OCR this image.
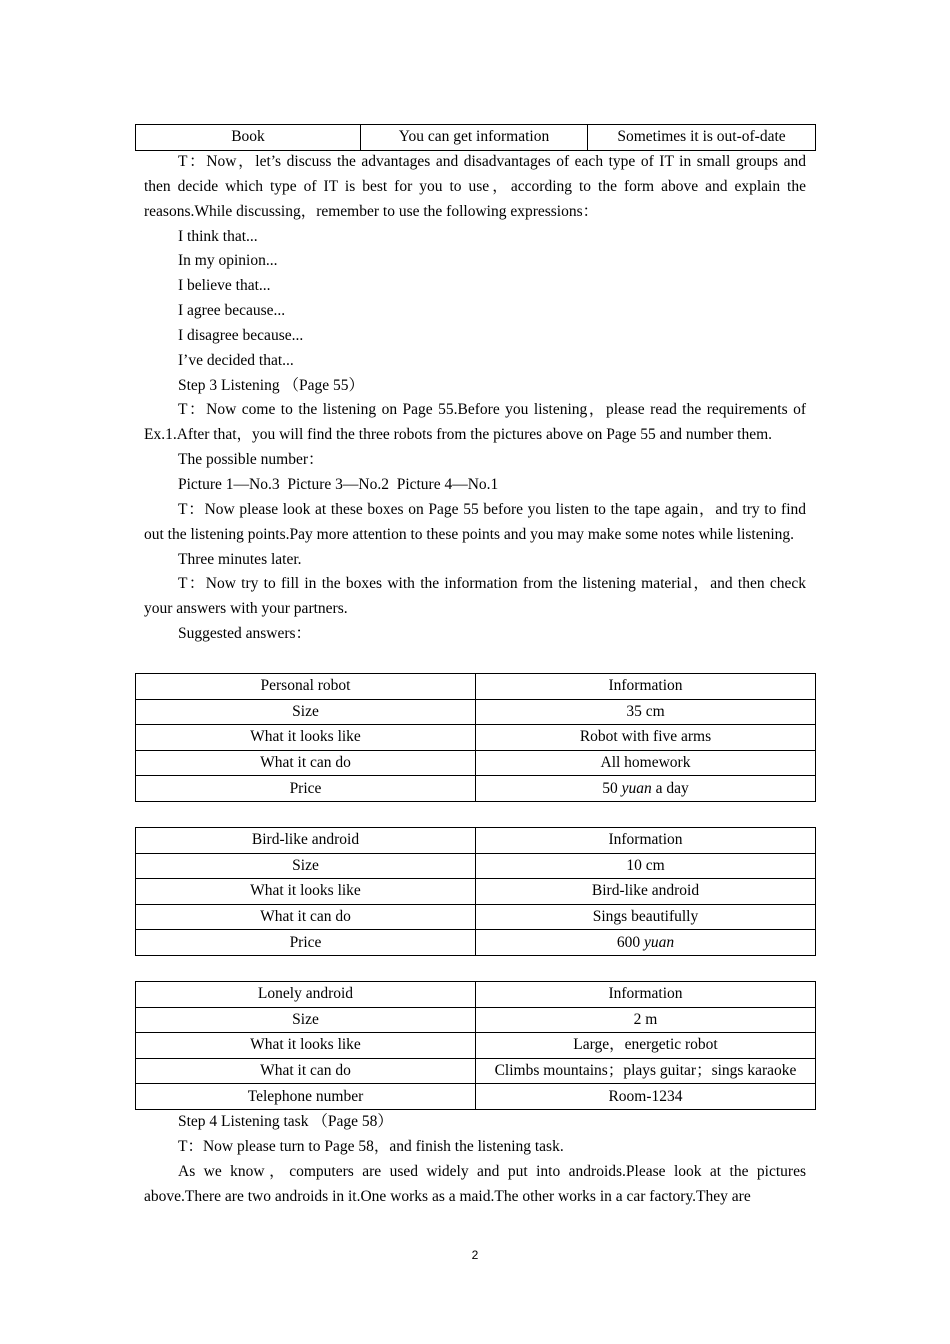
Book	You can get information	Sometimes it is out-of-date

T：Now，let’s discuss the advantages and disadvantages of each type of IT in small groups and then decide which type of IT is best for you to use，according to the form above and explain the reasons.While discussing，remember to use the following expressions：

I think that...

In my opinion...

I believe that...

I agree because...

I disagree because...

I’ve decided that...

Step 3 Listening （Page 55）

T：Now come to the listening on Page 55.Before you listening，please read the requirements of Ex.1.After that，you will find the three robots from the pictures above on Page 55 and number them.

The possible number：

Picture 1—No.3  Picture 3—No.2  Picture 4—No.1

T：Now please look at these boxes on Page 55 before you listen to the tape again，and try to find out the listening points.Pay more attention to these points and you may make some notes while listening.

Three minutes later.

T：Now try to fill in the boxes with the information from the listening material，and then check your answers with your partners.

Suggested answers：

Personal robot	Information
Size	35 cm
What it looks like	Robot with five arms
What it can do	All homework
Price	50 yuan a day
Bird-like android	Information
Size	10 cm
What it looks like	Bird-like android
What it can do	Sings beautifully
Price	600 yuan
Lonely android	Information
Size	2 m
What it looks like	Large，energetic robot
What it can do	Climbs mountains；plays guitar；sings karaoke
Telephone number	Room-1234

Step 4 Listening task （Page 58）

T：Now please turn to Page 58，and finish the listening task.

As we know，computers are used widely and put into androids.Please look at the pictures above.There are two androids in it.One works as a maid.The other works in a car factory.They are

2
